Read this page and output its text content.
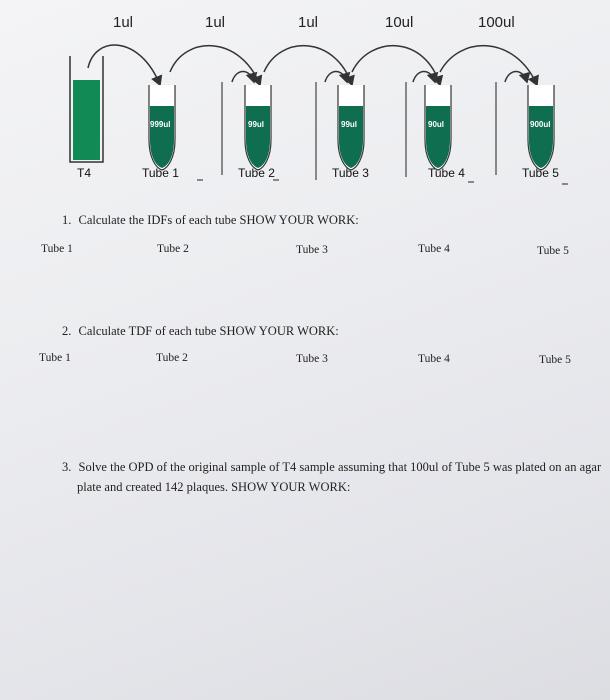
1ul	1ul	1ul	10ul	100ul
T4
999ul	99ul	99ul	90ul	900ul
Tube 1	Tube 2	Tube 3	Tube 4	Tube 5
1. Calculate the IDFs of each tube SHOW YOUR WORK:
Tube 1	Tube 2	Tube 3	Tube 4	Tube 5
2. Calculate TDF of each tube SHOW YOUR WORK:
Tube 1	Tube 2	Tube 3	Tube 4	Tube 5
3. Solve the OPD of the original sample of T4 sample assuming that 100ul of Tube 5 was plated on an agar
plate and created 142 plaques. SHOW YOUR WORK:
